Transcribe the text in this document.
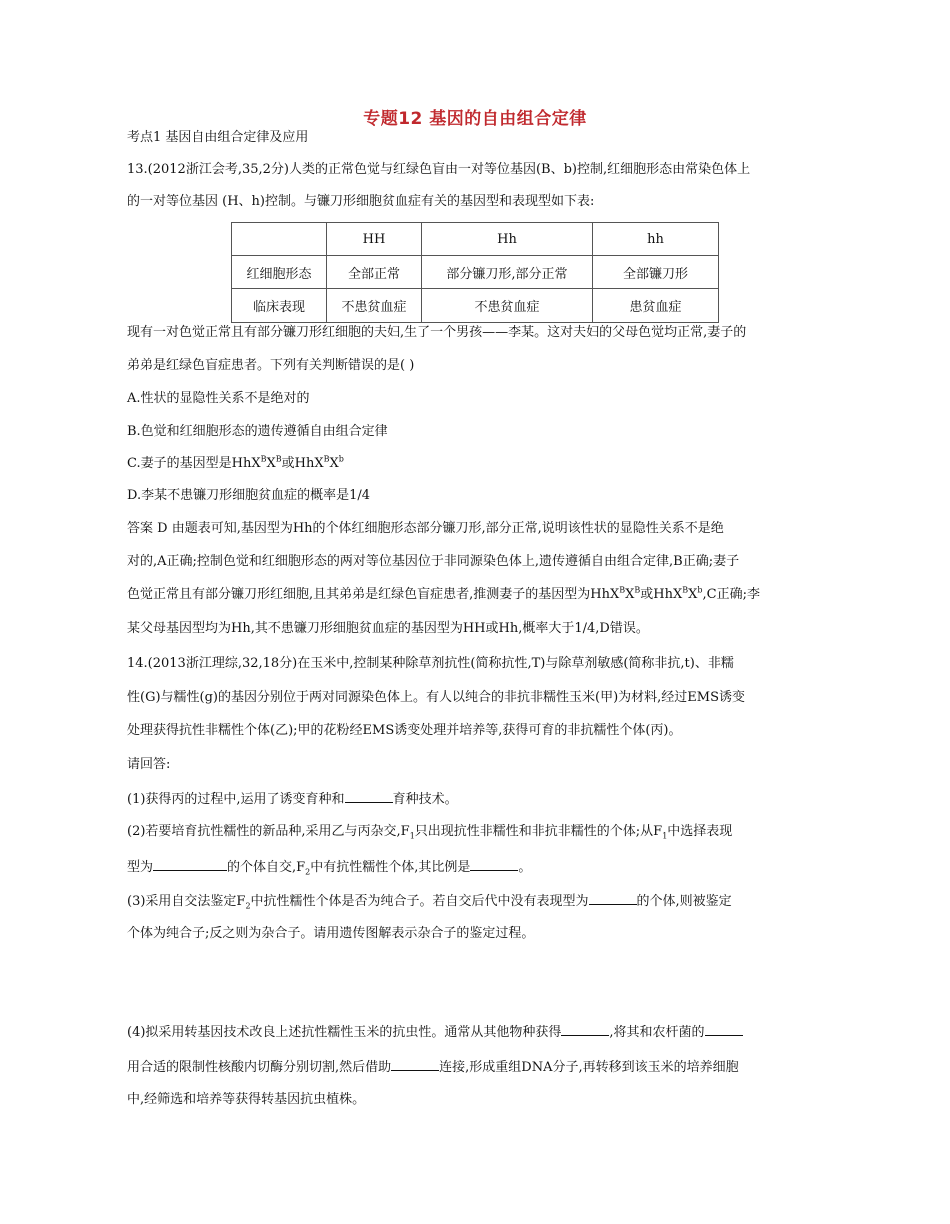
专题12 基因的自由组合定律
考点1 基因自由组合定律及应用
13.(2012浙江会考,35,2分)人类的正常色觉与红绿色盲由一对等位基因(B、b)控制,红细胞形态由常染色体上
的一对等位基因 (H、h)控制。与镰刀形细胞贫血症有关的基因型和表现型如下表:
	HH	Hh	hh
红细胞形态	全部正常	部分镰刀形,部分正常	全部镰刀形
临床表现	不患贫血症	不患贫血症	患贫血症
现有一对色觉正常且有部分镰刀形红细胞的夫妇,生了一个男孩——李某。这对夫妇的父母色觉均正常,妻子的
弟弟是红绿色盲症患者。下列有关判断错误的是( )
A.性状的显隐性关系不是绝对的
B.色觉和红细胞形态的遗传遵循自由组合定律
C.妻子的基因型是$HhX^BX^B$或$HhX^BX^b$
D.李某不患镰刀形细胞贫血症的概率是1/4
答案 D 由题表可知,基因型为Hh的个体红细胞形态部分镰刀形,部分正常,说明该性状的显隐性关系不是绝
对的,A正确;控制色觉和红细胞形态的两对等位基因位于非同源染色体上,遗传遵循自由组合定律,B正确;妻子
色觉正常且有部分镰刀形红细胞,且其弟弟是红绿色盲症患者,推测妻子的基因型为$HhX^BX^B$或$HhX^BX^b,C$正确;李
某父母基因型均为Hh,其不患镰刀形细胞贫血症的基因型为HH或Hh,概率大于1/4,D错误。
14.(2013浙江理综,32,18分)在玉米中,控制某种除草剂抗性(简称抗性,T)与除草剂敏感(简称非抗,t)、非糯
性(G)与糯性(g)的基因分别位于两对同源染色体上。有人以纯合的非抗非糯性玉米(甲)为材料,经过EMS诱变
处理获得抗性非糯性个体(乙);甲的花粉经EMS诱变处理并培养等,获得可育的非抗糯性个体(丙)。
请回答:
(1)获得丙的过程中,运用了诱变育种和	育种技术。
(2)若要培育抗性糯性的新品种,采用乙与丙杂交$,F_1$只出现抗性非糯性和非抗非糯性的个体;从$F_1$中选择表现
型为	的个体自交$,F_2$中有抗性糯性个体,其比例是	。
(3)采用自交法鉴定$F_2$中抗性糯性个体是否为纯合子。若自交后代中没有表现型为	的个体,则被鉴定
个体为纯合子;反之则为杂合子。请用遗传图解表示杂合子的鉴定过程。
(4)拟采用转基因技术改良上述抗性糯性玉米的抗虫性。通常从其他物种获得	,将其和农杆菌的
用合适的限制性核酸内切酶分别切割,然后借助	连接,形成重组DNA分子,再转移到该玉米的培养细胞
中,经筛选和培养等获得转基因抗虫植株。
